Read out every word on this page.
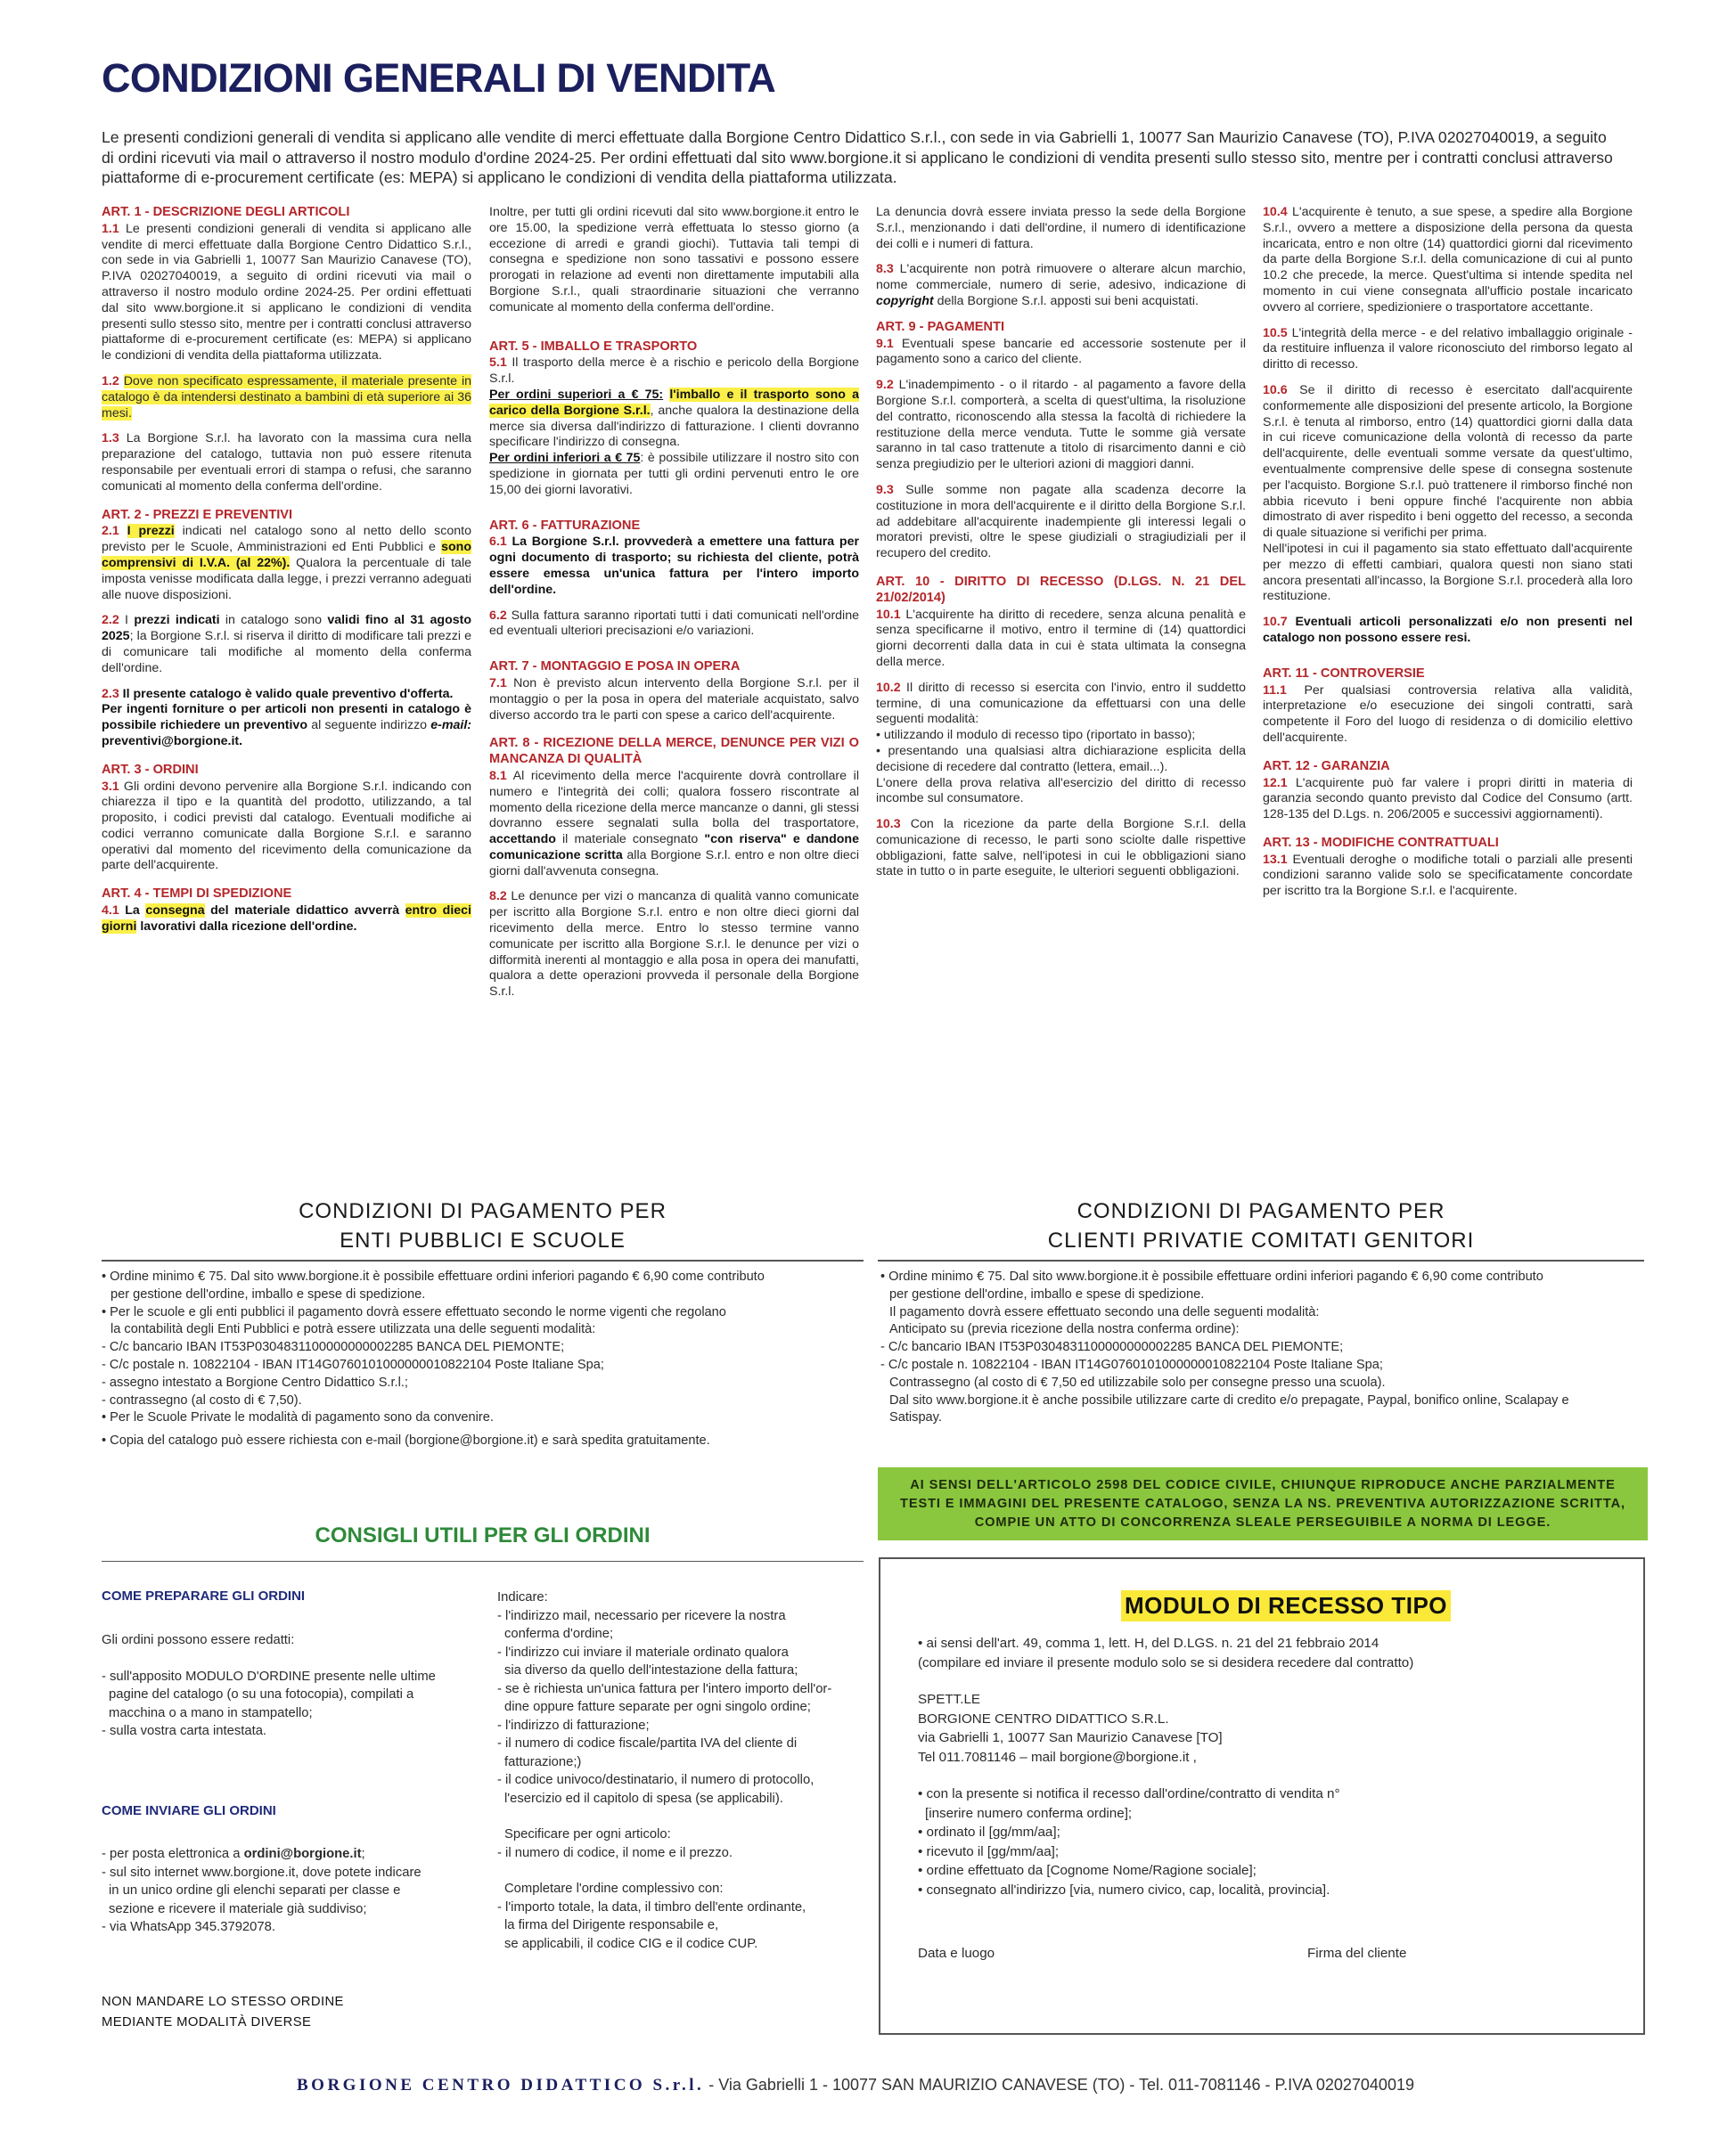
CONDIZIONI GENERALI DI VENDITA

Le presenti condizioni generali di vendita si applicano alle vendite di merci effettuate dalla Borgione Centro Didattico S.r.l., con sede in via Gabrielli 1, 10077 San Maurizio Canavese (TO), P.IVA 02027040019, a seguito di ordini ricevuti via mail o attraverso il nostro modulo d'ordine 2024-25. Per ordini effettuati dal sito www.borgione.it si applicano le condizioni di vendita presenti sullo stesso sito, mentre per i contratti conclusi attraverso piattaforme di e-procurement certificate (es: MEPA) si applicano le condizioni di vendita della piattaforma utilizzata.

ART. 1 - DESCRIZIONE DEGLI ARTICOLI

1.1 Le presenti condizioni generali di vendita si applicano alle vendite di merci effettuate dalla Borgione Centro Didattico S.r.l., con sede in via Gabrielli 1, 10077 San Maurizio Canavese (TO), P.IVA 02027040019, a seguito di ordini ricevuti via mail o attraverso il nostro modulo ordine 2024-25. Per ordini effettuati dal sito www.borgione.it si applicano le condizioni di vendita presenti sullo stesso sito, mentre per i contratti conclusi attraverso piattaforme di e-procurement certificate (es: MEPA) si applicano le condizioni di vendita della piattaforma utilizzata.

1.2 Dove non specificato espressamente, il materiale presente in catalogo è da intendersi destinato a bambini di età superiore ai 36 mesi.

1.3 La Borgione S.r.l. ha lavorato con la massima cura nella preparazione del catalogo, tuttavia non può essere ritenuta responsabile per eventuali errori di stampa o refusi, che saranno comunicati al momento della conferma dell'ordine.

ART. 2 - PREZZI E PREVENTIVI

2.1 I prezzi indicati nel catalogo sono al netto dello sconto previsto per le Scuole, Amministrazioni ed Enti Pubblici e sono comprensivi di I.V.A. (al 22%). Qualora la percentuale di tale imposta venisse modificata dalla legge, i prezzi verranno adeguati alle nuove disposizioni.

2.2 I prezzi indicati in catalogo sono validi fino al 31 agosto 2025; la Borgione S.r.l. si riserva il diritto di modificare tali prezzi e di comunicare tali modifiche al momento della conferma dell'ordine.

2.3 Il presente catalogo è valido quale preventivo d'offerta.
Per ingenti forniture o per articoli non presenti in catalogo è possibile richiedere un preventivo al seguente indirizzo e-mail: preventivi@borgione.it.

ART. 3 - ORDINI

3.1 Gli ordini devono pervenire alla Borgione S.r.l. indicando con chiarezza il tipo e la quantità del prodotto, utilizzando, a tal proposito, i codici previsti dal catalogo. Eventuali modifiche ai codici verranno comunicate dalla Borgione S.r.l. e saranno operativi dal momento del ricevimento della comunicazione da parte dell'acquirente.

ART. 4 - TEMPI DI SPEDIZIONE

4.1 La consegna del materiale didattico avverrà entro dieci giorni lavorativi dalla ricezione dell'ordine.

Inoltre, per tutti gli ordini ricevuti dal sito www.borgione.it entro le ore 15.00, la spedizione verrà effettuata lo stesso giorno (a eccezione di arredi e grandi giochi). Tuttavia tali tempi di consegna e spedizione non sono tassativi e possono essere prorogati in relazione ad eventi non direttamente imputabili alla Borgione S.r.l., quali straordinarie situazioni che verranno comunicate al momento della conferma dell'ordine.

ART. 5 - IMBALLO E TRASPORTO

5.1 Il trasporto della merce è a rischio e pericolo della Borgione S.r.l.

Per ordini superiori a € 75: l'imballo e il trasporto sono a carico della Borgione S.r.l., anche qualora la destinazione della merce sia diversa dall'indirizzo di fatturazione. I clienti dovranno specificare l'indirizzo di consegna.

Per ordini inferiori a € 75: è possibile utilizzare il nostro sito con spedizione in giornata per tutti gli ordini pervenuti entro le ore 15,00 dei giorni lavorativi.

ART. 6 - FATTURAZIONE

6.1 La Borgione S.r.l. provvederà a emettere una fattura per ogni documento di trasporto; su richiesta del cliente, potrà essere emessa un'unica fattura per l'intero importo dell'ordine.

6.2 Sulla fattura saranno riportati tutti i dati comunicati nell'ordine ed eventuali ulteriori precisazioni e/o variazioni.

ART. 7 - MONTAGGIO E POSA IN OPERA

7.1 Non è previsto alcun intervento della Borgione S.r.l. per il montaggio o per la posa in opera del materiale acquistato, salvo diverso accordo tra le parti con spese a carico dell'acquirente.

ART. 8 - RICEZIONE DELLA MERCE, DENUNCE PER VIZI O MANCANZA DI QUALITÀ

8.1 Al ricevimento della merce l'acquirente dovrà controllare il numero e l'integrità dei colli; qualora fossero riscontrate al momento della ricezione della merce mancanze o danni, gli stessi dovranno essere segnalati sulla bolla del trasportatore, accettando il materiale consegnato "con riserva" e dandone comunicazione scritta alla Borgione S.r.l. entro e non oltre dieci giorni dall'avvenuta consegna.

8.2 Le denunce per vizi o mancanza di qualità vanno comunicate per iscritto alla Borgione S.r.l. entro e non oltre dieci giorni dal ricevimento della merce. Entro lo stesso termine vanno comunicate per iscritto alla Borgione S.r.l. le denunce per vizi o difformità inerenti al montaggio e alla posa in opera dei manufatti, qualora a dette operazioni provveda il personale della Borgione S.r.l.

La denuncia dovrà essere inviata presso la sede della Borgione S.r.l., menzionando i dati dell'ordine, il numero di identificazione dei colli e i numeri di fattura.

8.3 L'acquirente non potrà rimuovere o alterare alcun marchio, nome commerciale, numero di serie, adesivo, indicazione di copyright della Borgione S.r.l. apposti sui beni acquistati.

ART. 9 - PAGAMENTI

9.1 Eventuali spese bancarie ed accessorie sostenute per il pagamento sono a carico del cliente.

9.2 L'inadempimento - o il ritardo - al pagamento a favore della Borgione S.r.l. comporterà, a scelta di quest'ultima, la risoluzione del contratto, riconoscendo alla stessa la facoltà di richiedere la restituzione della merce venduta. Tutte le somme già versate saranno in tal caso trattenute a titolo di risarcimento danni e ciò senza pregiudizio per le ulteriori azioni di maggiori danni.

9.3 Sulle somme non pagate alla scadenza decorre la costituzione in mora dell'acquirente e il diritto della Borgione S.r.l. ad addebitare all'acquirente inadempiente gli interessi legali o moratori previsti, oltre le spese giudiziali o stragiudiziali per il recupero del credito.

ART. 10 - DIRITTO DI RECESSO (D.LGS. N. 21 DEL 21/02/2014)

10.1 L'acquirente ha diritto di recedere, senza alcuna penalità e senza specificarne il motivo, entro il termine di (14) quattordici giorni decorrenti dalla data in cui è stata ultimata la consegna della merce.

10.2 Il diritto di recesso si esercita con l'invio, entro il suddetto termine, di una comunicazione da effettuarsi con una delle seguenti modalità:
• utilizzando il modulo di recesso tipo (riportato in basso);
• presentando una qualsiasi altra dichiarazione esplicita della decisione di recedere dal contratto (lettera, email...).
L'onere della prova relativa all'esercizio del diritto di recesso incombe sul consumatore.

10.3 Con la ricezione da parte della Borgione S.r.l. della comunicazione di recesso, le parti sono sciolte dalle rispettive obbligazioni, fatte salve, nell'ipotesi in cui le obbligazioni siano state in tutto o in parte eseguite, le ulteriori seguenti obbligazioni.

10.4 L'acquirente è tenuto, a sue spese, a spedire alla Borgione S.r.l., ovvero a mettere a disposizione della persona da questa incaricata, entro e non oltre (14) quattordici giorni dal ricevimento da parte della Borgione S.r.l. della comunicazione di cui al punto 10.2 che precede, la merce. Quest'ultima si intende spedita nel momento in cui viene consegnata all'ufficio postale incaricato ovvero al corriere, spedizioniere o trasportatore accettante.

10.5 L'integrità della merce - e del relativo imballaggio originale - da restituire influenza il valore riconosciuto del rimborso legato al diritto di recesso.

10.6 Se il diritto di recesso è esercitato dall'acquirente conformemente alle disposizioni del presente articolo, la Borgione S.r.l. è tenuta al rimborso, entro (14) quattordici giorni dalla data in cui riceve comunicazione della volontà di recesso da parte dell'acquirente, delle eventuali somme versate da quest'ultimo, eventualmente comprensive delle spese di consegna sostenute per l'acquisto. Borgione S.r.l. può trattenere il rimborso finché non abbia ricevuto i beni oppure finché l'acquirente non abbia dimostrato di aver rispedito i beni oggetto del recesso, a seconda di quale situazione si verifichi per prima.

Nell'ipotesi in cui il pagamento sia stato effettuato dall'acquirente per mezzo di effetti cambiari, qualora questi non siano stati ancora presentati all'incasso, la Borgione S.r.l. procederà alla loro restituzione.

10.7 Eventuali articoli personalizzati e/o non presenti nel catalogo non possono essere resi.

ART. 11 - CONTROVERSIE

11.1 Per qualsiasi controversia relativa alla validità, interpretazione e/o esecuzione dei singoli contratti, sarà competente il Foro del luogo di residenza o di domicilio elettivo dell'acquirente.

ART. 12 - GARANZIA

12.1 L'acquirente può far valere i propri diritti in materia di garanzia secondo quanto previsto dal Codice del Consumo (artt. 128-135 del D.Lgs. n. 206/2005 e successivi aggiornamenti).

ART. 13 - MODIFICHE CONTRATTUALI

13.1 Eventuali deroghe o modifiche totali o parziali alle presenti condizioni saranno valide solo se specificatamente concordate per iscritto tra la Borgione S.r.l. e l'acquirente.

CONDIZIONI DI PAGAMENTO PER
ENTI PUBBLICI E SCUOLE
• Ordine minimo € 75. Dal sito www.borgione.it è possibile effettuare ordini inferiori pagando € 6,90 come contributo
per gestione dell'ordine, imballo e spese di spedizione.
• Per le scuole e gli enti pubblici il pagamento dovrà essere effettuato secondo le norme vigenti che regolano
la contabilità degli Enti Pubblici e potrà essere utilizzata una delle seguenti modalità:
- C/c bancario IBAN IT53P0304831100000000002285 BANCA DEL PIEMONTE;
- C/c postale n. 10822104 - IBAN IT14G0760101000000010822104 Poste Italiane Spa;
- assegno intestato a Borgione Centro Didattico S.r.l.;
- contrassegno (al costo di € 7,50).
• Per le Scuole Private le modalità di pagamento sono da convenire.
• Copia del catalogo può essere richiesta con e-mail (borgione@borgione.it) e sarà spedita gratuitamente.
CONDIZIONI DI PAGAMENTO PER
CLIENTI PRIVATIE COMITATI GENITORI
• Ordine minimo € 75. Dal sito www.borgione.it è possibile effettuare ordini inferiori pagando € 6,90 come contributo
per gestione dell'ordine, imballo e spese di spedizione.
Il pagamento dovrà essere effettuato secondo una delle seguenti modalità:
Anticipato su (previa ricezione della nostra conferma ordine):
- C/c bancario IBAN IT53P0304831100000000002285 BANCA DEL PIEMONTE;
- C/c postale n. 10822104 - IBAN IT14G0760101000000010822104 Poste Italiane Spa;
Contrassegno (al costo di € 7,50 ed utilizzabile solo per consegne presso una scuola).
Dal sito www.borgione.it è anche possibile utilizzare carte di credito e/o prepagate, Paypal, bonifico online, Scalapay e
Satispay.
AI SENSI DELL'ARTICOLO 2598 DEL CODICE CIVILE, CHIUNQUE RIPRODUCE ANCHE PARZIALMENTE TESTI E IMMAGINI DEL PRESENTE CATALOGO, SENZA LA NS. PREVENTIVA AUTORIZZAZIONE SCRITTA, COMPIE UN ATTO DI CONCORRENZA SLEALE PERSEGUIBILE A NORMA DI LEGGE.
CONSIGLI UTILI PER GLI ORDINI
COME PREPARARE GLI ORDINI

Gli ordini possono essere redatti:

- sull'apposito MODULO D'ORDINE presente nelle ultime

pagine del catalogo (o su una fotocopia), compilati a

macchina o a mano in stampatello;

- sulla vostra carta intestata.

COME INVIARE GLI ORDINI

- per posta elettronica a ordini@borgione.it;

- sul sito internet www.borgione.it, dove potete indicare

in un unico ordine gli elenchi separati per classe e

sezione e ricevere il materiale già suddiviso;

- via WhatsApp 345.3792078.

NON MANDARE LO STESSO ORDINE

MEDIANTE MODALITÀ DIVERSE

Indicare:

- l'indirizzo mail, necessario per ricevere la nostra

conferma d'ordine;

- l'indirizzo cui inviare il materiale ordinato qualora

sia diverso da quello dell'intestazione della fattura;

- se è richiesta un'unica fattura per l'intero importo dell'or-

dine oppure fatture separate per ogni singolo ordine;

- l'indirizzo di fatturazione;

- il numero di codice fiscale/partita IVA del cliente di

fatturazione;)

- il codice univoco/destinatario, il numero di protocollo,

l'esercizio ed il capitolo di spesa (se applicabili).

Specificare per ogni articolo:

- il numero di codice, il nome e il prezzo.

Completare l'ordine complessivo con:

- l'importo totale, la data, il timbro dell'ente ordinante,

la firma del Dirigente responsabile e,

se applicabili, il codice CIG e il codice CUP.

MODULO DI RECESSO TIPO

• ai sensi dell'art. 49, comma 1, lett. H, del D.LGS. n. 21 del 21 febbraio 2014

(compilare ed inviare il presente modulo solo se si desidera recedere dal contratto)

SPETT.LE

BORGIONE CENTRO DIDATTICO S.R.L.

via Gabrielli 1, 10077 San Maurizio Canavese [TO]

Tel 011.7081146 – mail borgione@borgione.it ,

• con la presente si notifica il recesso dall'ordine/contratto di vendita n°

[inserire numero conferma ordine];

• ordinato il [gg/mm/aa];

• ricevuto il [gg/mm/aa];

• ordine effettuato da [Cognome Nome/Ragione sociale];

• consegnato all'indirizzo [via, numero civico, cap, località, provincia].

Data e luogo	Firma del cliente
BORGIONE CENTRO DIDATTICO S.r.l. - Via Gabrielli 1 - 10077 SAN MAURIZIO CANAVESE (TO) - Tel. 011-7081146 - P.IVA 02027040019
